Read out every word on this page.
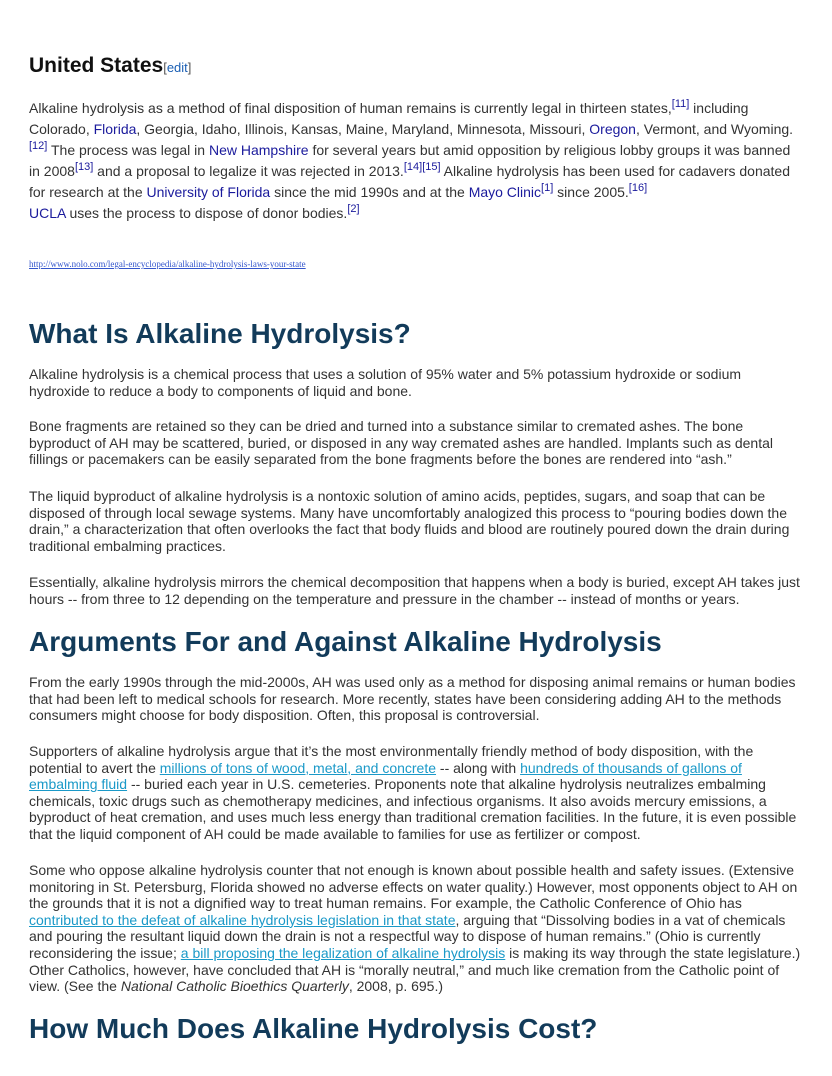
United States[edit]

Alkaline hydrolysis as a method of final disposition of human remains is currently legal in thirteen states,[11] including Colorado, Florida, Georgia, Idaho, Illinois, Kansas, Maine, Maryland, Minnesota, Missouri, Oregon, Vermont, and Wyoming.[12] The process was legal in New Hampshire for several years but amid opposition by religious lobby groups it was banned in 2008[13] and a proposal to legalize it was rejected in 2013.[14][15] Alkaline hydrolysis has been used for cadavers donated for research at the University of Florida since the mid 1990s and at the Mayo Clinic[1] since 2005.[16]
UCLA uses the process to dispose of donor bodies.[2]

http://www.nolo.com/legal-encyclopedia/alkaline-hydrolysis-laws-your-state
What Is Alkaline Hydrolysis?

Alkaline hydrolysis is a chemical process that uses a solution of 95% water and 5% potassium hydroxide or sodium hydroxide to reduce a body to components of liquid and bone.

Bone fragments are retained so they can be dried and turned into a substance similar to cremated ashes. The bone byproduct of AH may be scattered, buried, or disposed in any way cremated ashes are handled. Implants such as dental fillings or pacemakers can be easily separated from the bone fragments before the bones are rendered into “ash.”

The liquid byproduct of alkaline hydrolysis is a nontoxic solution of amino acids, peptides, sugars, and soap that can be disposed of through local sewage systems. Many have uncomfortably analogized this process to “pouring bodies down the drain,” a characterization that often overlooks the fact that body fluids and blood are routinely poured down the drain during traditional embalming practices.

Essentially, alkaline hydrolysis mirrors the chemical decomposition that happens when a body is buried, except AH takes just hours -- from three to 12 depending on the temperature and pressure in the chamber -- instead of months or years.

Arguments For and Against Alkaline Hydrolysis

From the early 1990s through the mid-2000s, AH was used only as a method for disposing animal remains or human bodies that had been left to medical schools for research. More recently, states have been considering adding AH to the methods consumers might choose for body disposition. Often, this proposal is controversial.

Supporters of alkaline hydrolysis argue that it’s the most environmentally friendly method of body disposition, with the potential to avert the millions of tons of wood, metal, and concrete -- along with hundreds of thousands of gallons of embalming fluid -- buried each year in U.S. cemeteries. Proponents note that alkaline hydrolysis neutralizes embalming chemicals, toxic drugs such as chemotherapy medicines, and infectious organisms. It also avoids mercury emissions, a byproduct of heat cremation, and uses much less energy than traditional cremation facilities. In the future, it is even possible that the liquid component of AH could be made available to families for use as fertilizer or compost.

Some who oppose alkaline hydrolysis counter that not enough is known about possible health and safety issues. (Extensive monitoring in St. Petersburg, Florida showed no adverse effects on water quality.) However, most opponents object to AH on the grounds that it is not a dignified way to treat human remains. For example, the Catholic Conference of Ohio has contributed to the defeat of alkaline hydrolysis legislation in that state, arguing that “Dissolving bodies in a vat of chemicals and pouring the resultant liquid down the drain is not a respectful way to dispose of human remains.” (Ohio is currently reconsidering the issue; a bill proposing the legalization of alkaline hydrolysis is making its way through the state legislature.) Other Catholics, however, have concluded that AH is “morally neutral,” and much like cremation from the Catholic point of view. (See the National Catholic Bioethics Quarterly, 2008, p. 695.)

How Much Does Alkaline Hydrolysis Cost?
